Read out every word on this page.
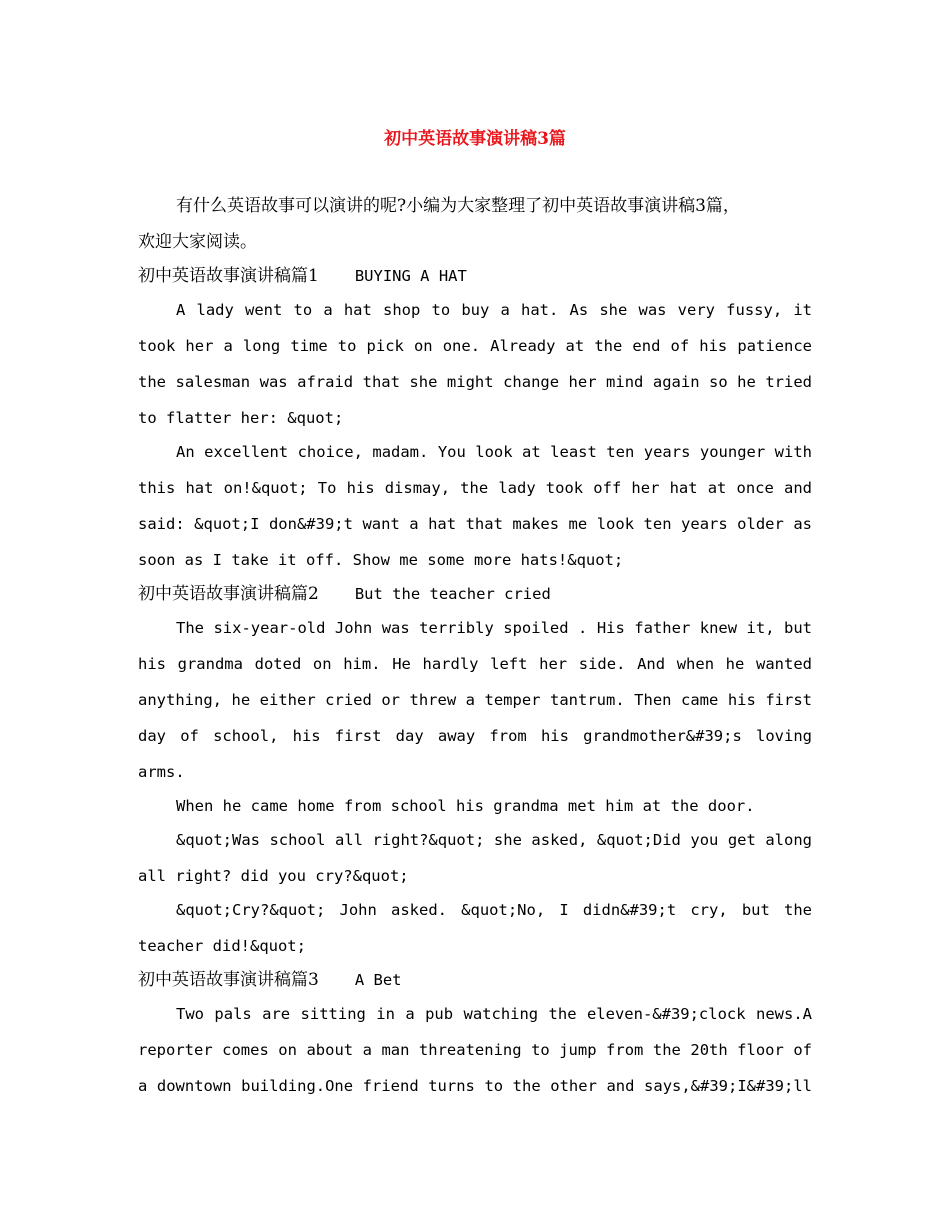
初中英语故事演讲稿3篇
有什么英语故事可以演讲的呢?小编为大家整理了初中英语故事演讲稿3篇，
欢迎大家阅读。
初中英语故事演讲稿篇1 BUYING A HAT
A lady went to a hat shop to buy a hat. As she was very fussy, it
took her a long time to pick on one. Already at the end of his patience
the salesman was afraid that she might change her mind again so he tried
to flatter her: &quot;
An excellent choice, madam. You look at least ten years younger with
this hat on!&quot; To his dismay, the lady took off her hat at once and
said: &quot;I don&#39;t want a hat that makes me look ten years older as
soon as I take it off. Show me some more hats!&quot;
初中英语故事演讲稿篇2 But the teacher cried
The six-year-old John was terribly spoiled . His father knew it, but
his grandma doted on him. He hardly left her side. And when he wanted
anything, he either cried or threw a temper tantrum. Then came his first
day of school, his first day away from his grandmother&#39;s loving
arms.
When he came home from school his grandma met him at the door.
&quot;Was school all right?&quot; she asked, &quot;Did you get along
all right? did you cry?&quot;
&quot;Cry?&quot; John asked. &quot;No, I didn&#39;t cry, but the
teacher did!&quot;
初中英语故事演讲稿篇3 A Bet
Two pals are sitting in a pub watching the eleven-&#39;clock news.A
reporter comes on about a man threatening to jump from the 20th floor of
a downtown building.One friend turns to the other and says,&#39;I&#39;ll
